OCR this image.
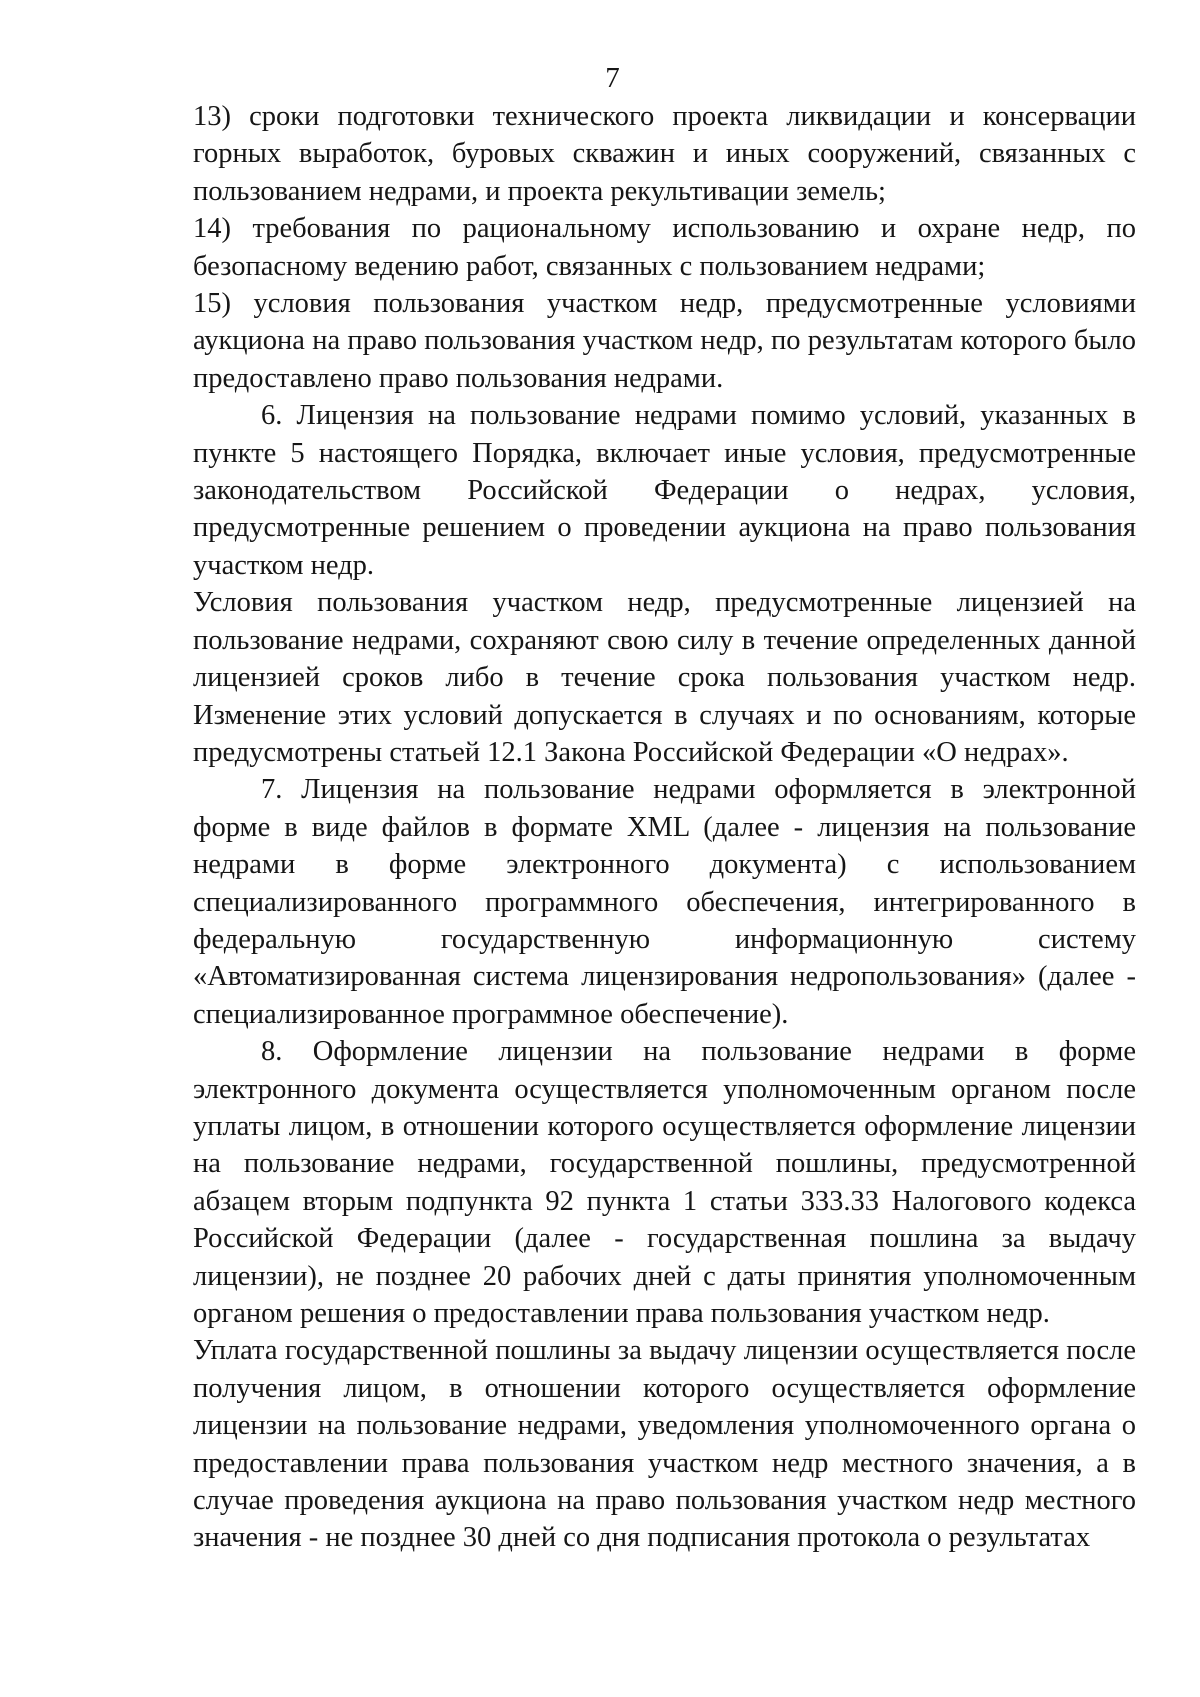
7

13) сроки подготовки технического проекта ликвидации и консервации горных выработок, буровых скважин и иных сооружений, связанных с пользованием недрами, и проекта рекультивации земель;

14) требования по рациональному использованию и охране недр, по безопасному ведению работ, связанных с пользованием недрами;

15) условия пользования участком недр, предусмотренные условиями аукциона на право пользования участком недр, по результатам которого было предоставлено право пользования недрами.

6. Лицензия на пользование недрами помимо условий, указанных в пункте 5 настоящего Порядка, включает иные условия, предусмотренные законодательством Российской Федерации о недрах, условия, предусмотренные решением о проведении аукциона на право пользования участком недр.

Условия пользования участком недр, предусмотренные лицензией на пользование недрами, сохраняют свою силу в течение определенных данной лицензией сроков либо в течение срока пользования участком недр. Изменение этих условий допускается в случаях и по основаниям, которые предусмотрены статьей 12.1 Закона Российской Федерации «О недрах».

7. Лицензия на пользование недрами оформляется в электронной форме в виде файлов в формате XML (далее - лицензия на пользование недрами в форме электронного документа) с использованием специализированного программного обеспечения, интегрированного в федеральную государственную информационную систему «Автоматизированная система лицензирования недропользования» (далее - специализированное программное обеспечение).

8. Оформление лицензии на пользование недрами в форме электронного документа осуществляется уполномоченным органом после уплаты лицом, в отношении которого осуществляется оформление лицензии на пользование недрами, государственной пошлины, предусмотренной абзацем вторым подпункта 92 пункта 1 статьи 333.33 Налогового кодекса Российской Федерации (далее - государственная пошлина за выдачу лицензии), не позднее 20 рабочих дней с даты принятия уполномоченным органом решения о предоставлении права пользования участком недр.

Уплата государственной пошлины за выдачу лицензии осуществляется после получения лицом, в отношении которого осуществляется оформление лицензии на пользование недрами, уведомления уполномоченного органа о предоставлении права пользования участком недр местного значения, а в случае проведения аукциона на право пользования участком недр местного значения - не позднее 30 дней со дня подписания протокола о результатах
